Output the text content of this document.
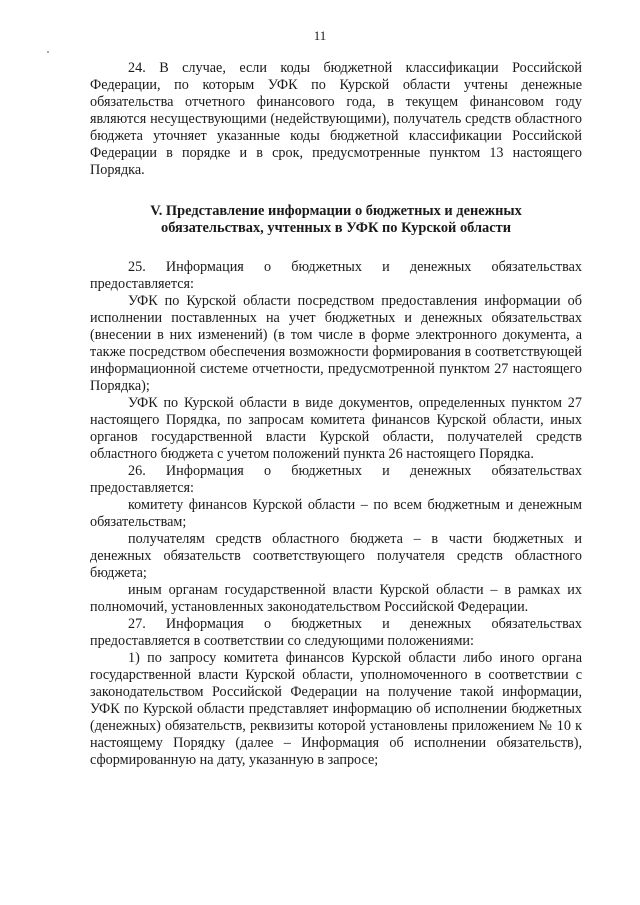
11

24. В случае, если коды бюджетной классификации Российской Федерации, по которым УФК по Курской области учтены денежные обязательства отчетного финансового года, в текущем финансовом году являются несуществующими (недействующими), получатель средств областного бюджета уточняет указанные коды бюджетной классификации Российской Федерации в порядке и в срок, предусмотренные пунктом 13 настоящего Порядка.

V. Представление информации о бюджетных и денежных обязательствах, учтенных в УФК по Курской области

25. Информация о бюджетных и денежных обязательствах предоставляется:

УФК по Курской области посредством предоставления информации об исполнении поставленных на учет бюджетных и денежных обязательствах (внесении в них изменений) (в том числе в форме электронного документа, а также посредством обеспечения возможности формирования в соответствующей информационной системе отчетности, предусмотренной пунктом 27 настоящего Порядка);

УФК по Курской области в виде документов, определенных пунктом 27 настоящего Порядка, по запросам комитета финансов Курской области, иных органов государственной власти Курской области, получателей средств областного бюджета с учетом положений пункта 26 настоящего Порядка.

26. Информация о бюджетных и денежных обязательствах предоставляется:

комитету финансов Курской области – по всем бюджетным и денежным обязательствам;

получателям средств областного бюджета – в части бюджетных и денежных обязательств соответствующего получателя средств областного бюджета;

иным органам государственной власти Курской области – в рамках их полномочий, установленных законодательством Российской Федерации.

27. Информация о бюджетных и денежных обязательствах предоставляется в соответствии со следующими положениями:

1) по запросу комитета финансов Курской области либо иного органа государственной власти Курской области, уполномоченного в соответствии с законодательством Российской Федерации на получение такой информации, УФК по Курской области представляет информацию об исполнении бюджетных (денежных) обязательств, реквизиты которой установлены приложением № 10 к настоящему Порядку (далее – Информация об исполнении обязательств), сформированную на дату, указанную в запросе;
